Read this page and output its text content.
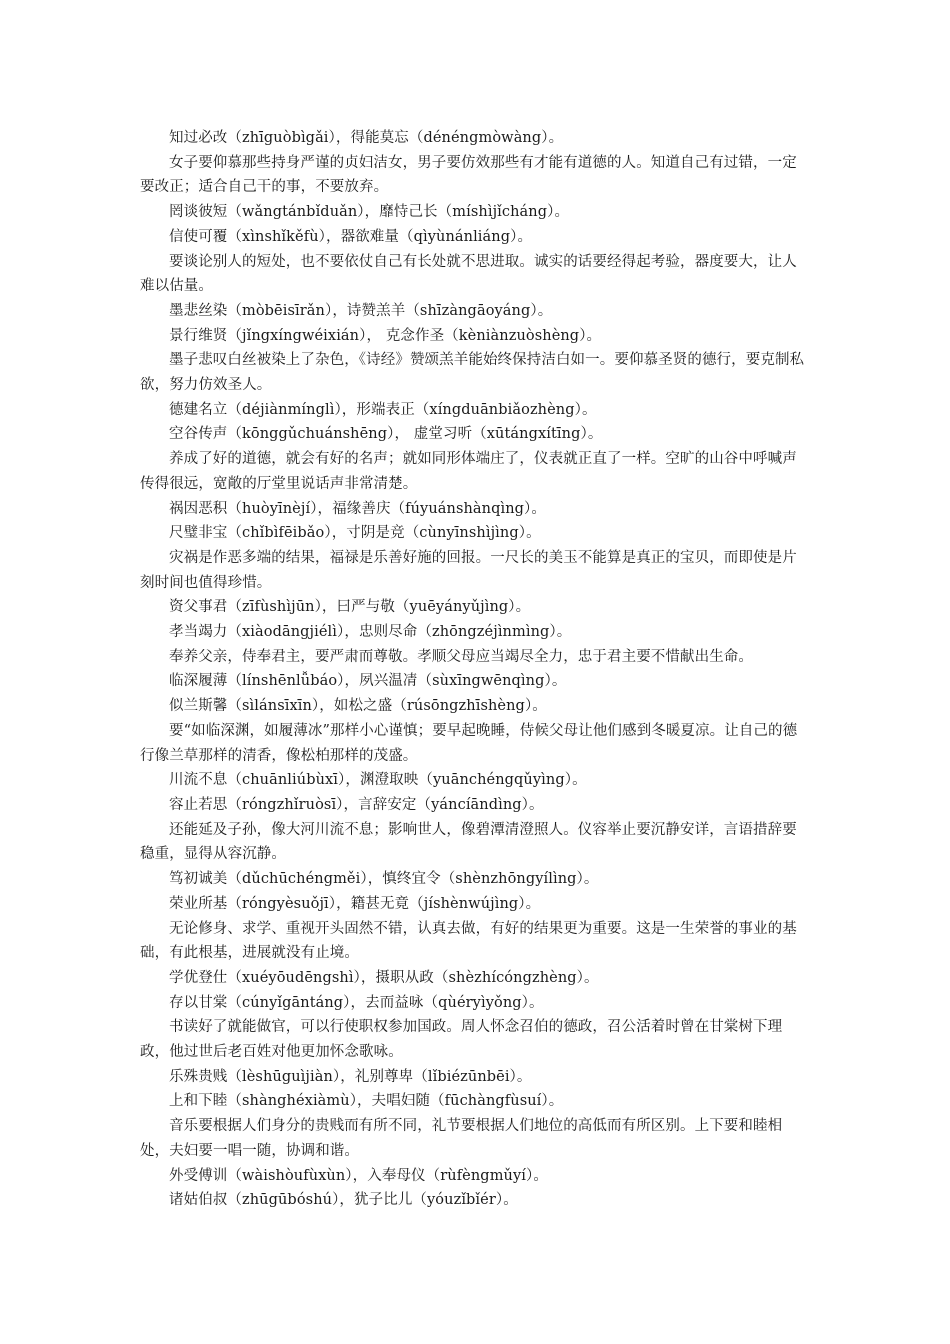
知过必改（zhīguòbìgǎi），得能莫忘（dénéngmòwàng）。

女子要仰慕那些持身严谨的贞妇洁女，男子要仿效那些有才能有道德的人。知道自己有过错，一定要改正；适合自己干的事，不要放弃。

罔谈彼短（wǎngtánbǐduǎn），靡恃己长（míshìjǐcháng）。

信使可覆（xìnshǐkěfù），器欲难量（qìyùnánliáng）。

要谈论别人的短处，也不要依仗自己有长处就不思进取。诚实的话要经得起考验，器度要大，让人难以估量。

墨悲丝染（mòbēisīrǎn），诗赞羔羊（shīzàngāoyáng）。

景行维贤（jǐngxíngwéixián）， 克念作圣（kèniànzuòshèng）。

墨子悲叹白丝被染上了杂色，《诗经》赞颂羔羊能始终保持洁白如一。要仰慕圣贤的德行，要克制私欲，努力仿效圣人。

德建名立（déjiànmínglì），形端表正（xíngduānbiǎozhèng）。

空谷传声（kōnggǔchuánshēng）， 虚堂习听（xūtángxítīng）。

养成了好的道德，就会有好的名声；就如同形体端庄了，仪表就正直了一样。空旷的山谷中呼喊声传得很远，宽敞的厅堂里说话声非常清楚。

祸因恶积（huòyīnèjí），福缘善庆（fúyuánshànqìng）。

尺璧非宝（chǐbìfēibǎo），寸阴是竞（cùnyīnshìjìng）。

灾祸是作恶多端的结果，福禄是乐善好施的回报。一尺长的美玉不能算是真正的宝贝，而即使是片刻时间也值得珍惜。

资父事君（zīfùshìjūn），曰严与敬（yuēyányǔjìng）。

孝当竭力（xiàodāngjiélì），忠则尽命（zhōngzéjìnmìng）。

奉养父亲，侍奉君主，要严肃而尊敬。孝顺父母应当竭尽全力，忠于君主要不惜献出生命。

临深履薄（línshēnlǚbáo），夙兴温凊（sùxīngwēnqìng）。

似兰斯馨（sìlánsīxīn），如松之盛（rúsōngzhīshèng）。

要“如临深渊，如履薄冰”那样小心谨慎；要早起晚睡，侍候父母让他们感到冬暖夏凉。让自己的德行像兰草那样的清香，像松柏那样的茂盛。

川流不息（chuānliúbùxī），渊澄取映（yuānchéngqǔyìng）。

容止若思（róngzhǐruòsī），言辞安定（yáncíāndìng）。

还能延及子孙，像大河川流不息；影响世人，像碧潭清澄照人。仪容举止要沉静安详，言语措辞要稳重，显得从容沉静。

笃初诚美（dǔchūchéngměi），慎终宜令（shènzhōngyílìng）。

荣业所基（róngyèsuǒjī），籍甚无竟（jíshènwújìng）。

无论修身、求学、重视开头固然不错，认真去做，有好的结果更为重要。这是一生荣誉的事业的基础，有此根基，进展就没有止境。

学优登仕（xuéyōudēngshì），摄职从政（shèzhícóngzhèng）。

存以甘棠（cúnyǐgāntáng），去而益咏（qùéryìyǒng）。

书读好了就能做官，可以行使职权参加国政。周人怀念召伯的德政，召公活着时曾在甘棠树下理政，他过世后老百姓对他更加怀念歌咏。

乐殊贵贱（lèshūguìjiàn），礼别尊卑（lǐbiézūnbēi）。

上和下睦（shànghéxiàmù），夫唱妇随（fūchàngfùsuí）。

音乐要根据人们身分的贵贱而有所不同，礼节要根据人们地位的高低而有所区别。上下要和睦相处，夫妇要一唱一随，协调和谐。

外受傅训（wàishòufùxùn），入奉母仪（rùfèngmǔyí）。

诸姑伯叔（zhūgūbóshú），犹子比儿（yóuzǐbǐér）。
